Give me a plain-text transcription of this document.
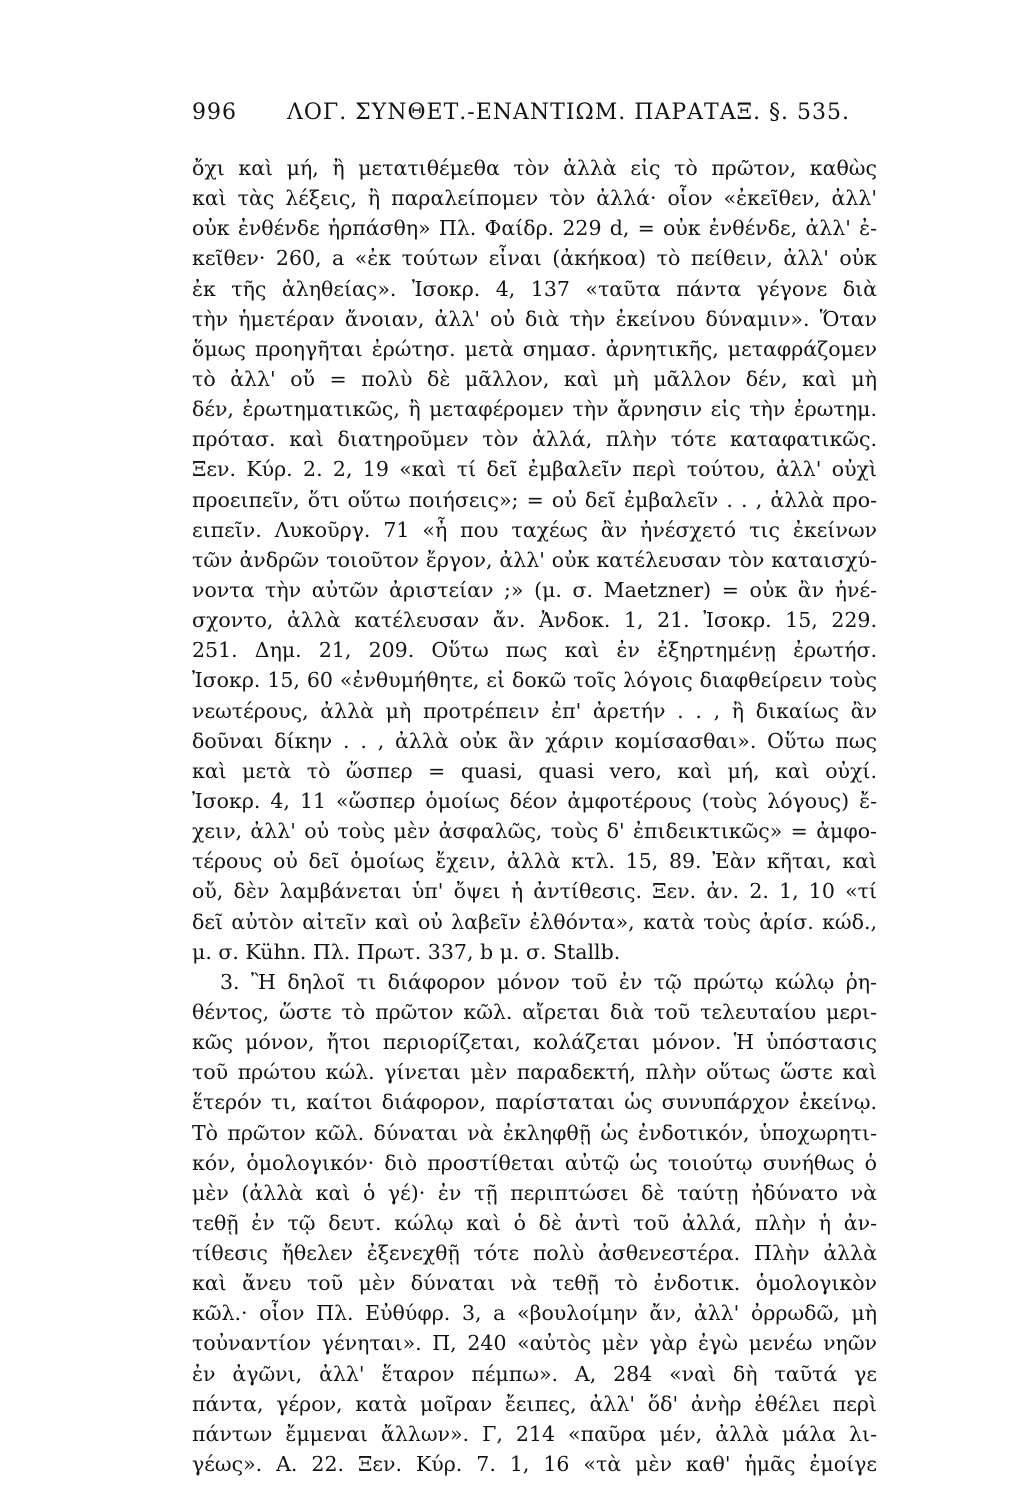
996	ΛΟΓ. ΣΥΝΘΕΤ.-ΕΝΑΝΤΙΩΜ. ΠΑΡΑΤΑΞ. §. 535.
ὄχι καὶ μή, ἢ μετατιθέμεθα τὸν ἀλλὰ εἰς τὸ πρῶτον, καθὼς
καὶ τὰς λέξεις, ἢ παραλείπομεν τὸν ἀλλά· οἷον «ἐκεῖθεν, ἀλλ'
οὐκ ἐνθένδε ἡρπάσθη» Πλ. Φαίδρ. 229 d, = οὐκ ἐνθένδε, ἀλλ' ἐ-
κεῖθεν· 260, a «ἐκ τούτων εἶναι (ἀκήκοα) τὸ πείθειν, ἀλλ' οὐκ
ἐκ τῆς ἀληθείας». Ἰσοκρ. 4, 137 «ταῦτα πάντα γέγονε διὰ
τὴν ἡμετέραν ἄνοιαν, ἀλλ' οὐ διὰ τὴν ἐκείνου δύναμιν». Ὅταν
ὅμως προηγῆται ἐρώτησ. μετὰ σημασ. ἀρνητικῆς, μεταφράζομεν
τὸ ἀλλ' οὔ = πολὺ δὲ μᾶλλον, καὶ μὴ μᾶλλον δέν, καὶ μὴ
δέν, ἐρωτηματικῶς, ἢ μεταφέρομεν τὴν ἄρνησιν εἰς τὴν ἐρωτημ.
πρότασ. καὶ διατηροῦμεν τὸν ἀλλά, πλὴν τότε καταφατικῶς.
Ξεν. Κύρ. 2. 2, 19 «καὶ τί δεῖ ἐμβαλεῖν περὶ τούτου, ἀλλ' οὐχὶ
προειπεῖν, ὅτι οὕτω ποιήσεις»; = οὐ δεῖ ἐμβαλεῖν . . , ἀλλὰ προ-
ειπεῖν. Λυκοῦργ. 71 «ἦ που ταχέως ἂν ἠνέσχετό τις ἐκείνων
τῶν ἀνδρῶν τοιοῦτον ἔργον, ἀλλ' οὐκ κατέλευσαν τὸν καταισχύ-
νοντα τὴν αὐτῶν ἀριστείαν ;» (μ. σ. Maetzner) = οὐκ ἂν ἠνέ-
σχοντο, ἀλλὰ κατέλευσαν ἄν. Ἀνδοκ. 1, 21. Ἰσοκρ. 15, 229.
251. Δημ. 21, 209. Οὕτω πως καὶ ἐν ἐξηρτημένῃ ἐρωτήσ.
Ἰσοκρ. 15, 60 «ἐνθυμήθητε, εἰ δοκῶ τοῖς λόγοις διαφθείρειν τοὺς
νεωτέρους, ἀλλὰ μὴ προτρέπειν ἐπ' ἀρετήν . . , ἢ δικαίως ἂν
δοῦναι δίκην . . , ἀλλὰ οὐκ ἂν χάριν κομίσασθαι». Οὕτω πως
καὶ μετὰ τὸ ὥσπερ = quasi, quasi vero, καὶ μή, καὶ οὐχί.
Ἰσοκρ. 4, 11 «ὥσπερ ὁμοίως δέον ἀμφοτέρους (τοὺς λόγους) ἔ-
χειν, ἀλλ' οὐ τοὺς μὲν ἀσφαλῶς, τοὺς δ' ἐπιδεικτικῶς» = ἀμφο-
τέρους οὐ δεῖ ὁμοίως ἔχειν, ἀλλὰ κτλ. 15, 89. Ἐὰν κῆται, καὶ
οὔ, δὲν λαμβάνεται ὑπ' ὄψει ἡ ἀντίθεσις. Ξεν. ἀν. 2. 1, 10 «τί
δεῖ αὐτὸν αἰτεῖν καὶ οὐ λαβεῖν ἐλθόντα», κατὰ τοὺς ἀρίσ. κώδ.,
μ. σ. Kühn. Πλ. Πρωτ. 337, b μ. σ. Stallb.
3. Ἢ δηλοῖ τι διάφορον μόνον τοῦ ἐν τῷ πρώτῳ κώλῳ ῥη-
θέντος, ὥστε τὸ πρῶτον κῶλ. αἴρεται διὰ τοῦ τελευταίου μερι-
κῶς μόνον, ἤτοι περιορίζεται, κολάζεται μόνον. Ἡ ὑπόστασις
τοῦ πρώτου κώλ. γίνεται μὲν παραδεκτή, πλὴν οὕτως ὥστε καὶ
ἕτερόν τι, καίτοι διάφορον, παρίσταται ὡς συνυπάρχον ἐκείνῳ.
Τὸ πρῶτον κῶλ. δύναται νὰ ἐκληφθῇ ὡς ἐνδοτικόν, ὑποχωρητι-
κόν, ὁμολογικόν· διὸ προστίθεται αὐτῷ ὡς τοιούτῳ συνήθως ὁ
μὲν (ἀλλὰ καὶ ὁ γέ)· ἐν τῇ περιπτώσει δὲ ταύτῃ ἠδύνατο νὰ
τεθῇ ἐν τῷ δευτ. κώλῳ καὶ ὁ δὲ ἀντὶ τοῦ ἀλλά, πλὴν ἡ ἀν-
τίθεσις ἤθελεν ἐξενεχθῇ τότε πολὺ ἀσθενεστέρα. Πλὴν ἀλλὰ
καὶ ἄνευ τοῦ μὲν δύναται νὰ τεθῇ τὸ ἐνδοτικ. ὁμολογικὸν
κῶλ.· οἷον Πλ. Εὐθύφρ. 3, a «βουλοίμην ἄν, ἀλλ' ὀρρωδῶ, μὴ
τοὐναντίον γένηται». Π, 240 «αὐτὸς μὲν γὰρ ἐγὼ μενέω νηῶν
ἐν ἀγῶνι, ἀλλ' ἕταρον πέμπω». Α, 284 «ναὶ δὴ ταῦτά γε
πάντα, γέρον, κατὰ μοῖραν ἔειπες, ἀλλ' ὅδ' ἀνὴρ ἐθέλει περὶ
πάντων ἔμμεναι ἄλλων». Γ, 214 «παῦρα μέν, ἀλλὰ μάλα λι-
γέως». Α. 22. Ξεν. Κύρ. 7. 1, 16 «τὰ μὲν καθ' ἡμᾶς ἐμοίγε
